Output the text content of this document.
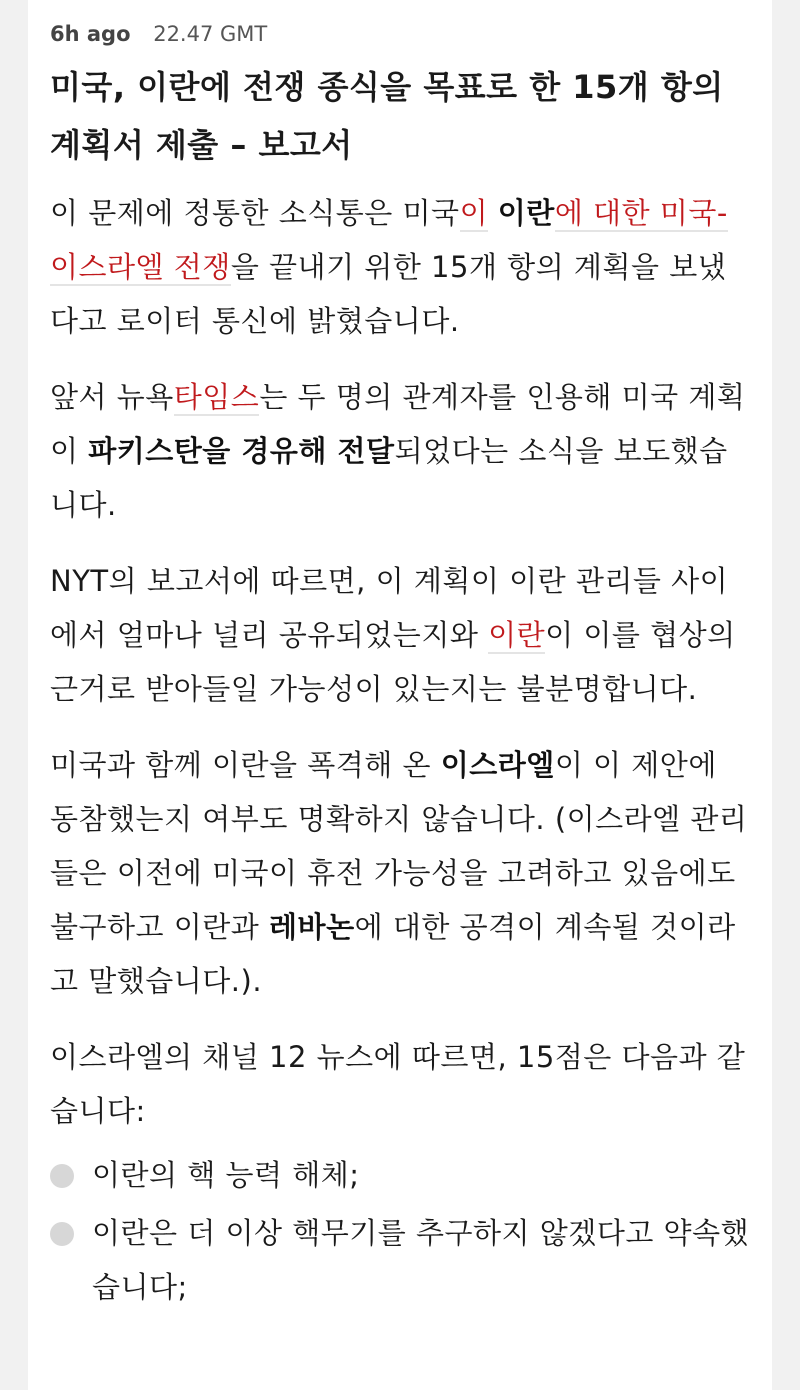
6h ago 22.47 GMT
미국, 이란에 전쟁 종식을 목표로 한 15개 항의 계획서 제출 – 보고서

이 문제에 정통한 소식통은 미국이 이란에 대한 미국-이스라엘 전쟁을 끝내기 위한 15개 항의 계획을 보냈다고 로이터 통신에 밝혔습니다.

앞서 뉴욕타임스는 두 명의 관계자를 인용해 미국 계획이 파키스탄을 경유해 전달되었다는 소식을 보도했습니다.

NYT의 보고서에 따르면, 이 계획이 이란 관리들 사이에서 얼마나 널리 공유되었는지와 이란이 이를 협상의 근거로 받아들일 가능성이 있는지는 불분명합니다.

미국과 함께 이란을 폭격해 온 이스라엘이 이 제안에 동참했는지 여부도 명확하지 않습니다. (이스라엘 관리들은 이전에 미국이 휴전 가능성을 고려하고 있음에도 불구하고 이란과 레바논에 대한 공격이 계속될 것이라고 말했습니다.).

이스라엘의 채널 12 뉴스에 따르면, 15점은 다음과 같습니다:

이란의 핵 능력 해체;
이란은 더 이상 핵무기를 추구하지 않겠다고 약속했습니다;
